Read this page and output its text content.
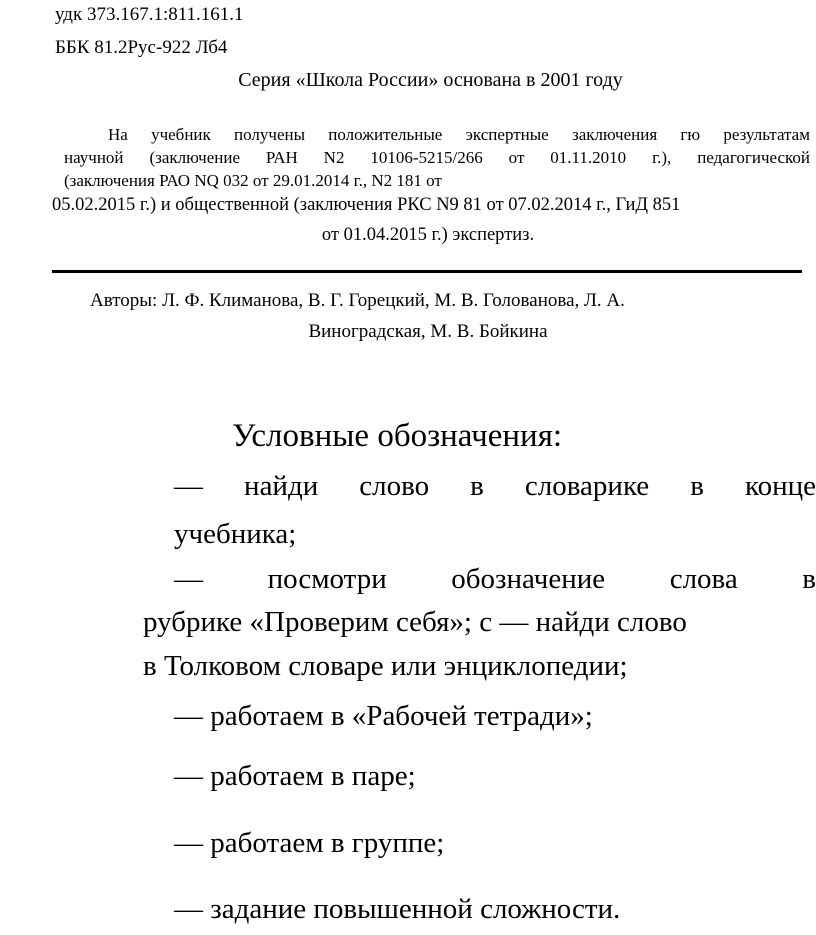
удк 373.167.1:811.161.1
ББК 81.2Рус-922 Лб4
Серия «Школа России» основана в 2001 году
На учебник получены положительные экспертные заключения гю результатам
научной (заключение РАН N2 10106-5215/266 от 01.11.2010 г.), педагогической
(заключения РАО NQ 032 от 29.01.2014 г., N2 181 от
05.02.2015 г.) и общественной (заключения РКС N9 81 от 07.02.2014 г., ГиД 851
от 01.04.2015 г.) экспертиз.
Авторы: Л. Ф. Климанова, В. Г. Горецкий, М. В. Голованова, Л. А.
Виноградская, М. В. Бойкина
Условные обозначения:
— найди слово в словарике в конце
учебника;
— посмотри обозначение слова в
рубрике «Проверим себя»; с — найди слово
в Толковом словаре или энциклопедии;
— работаем в «Рабочей тетради»;
— работаем в паре;
— работаем в группе;
— задание повышенной сложности.
